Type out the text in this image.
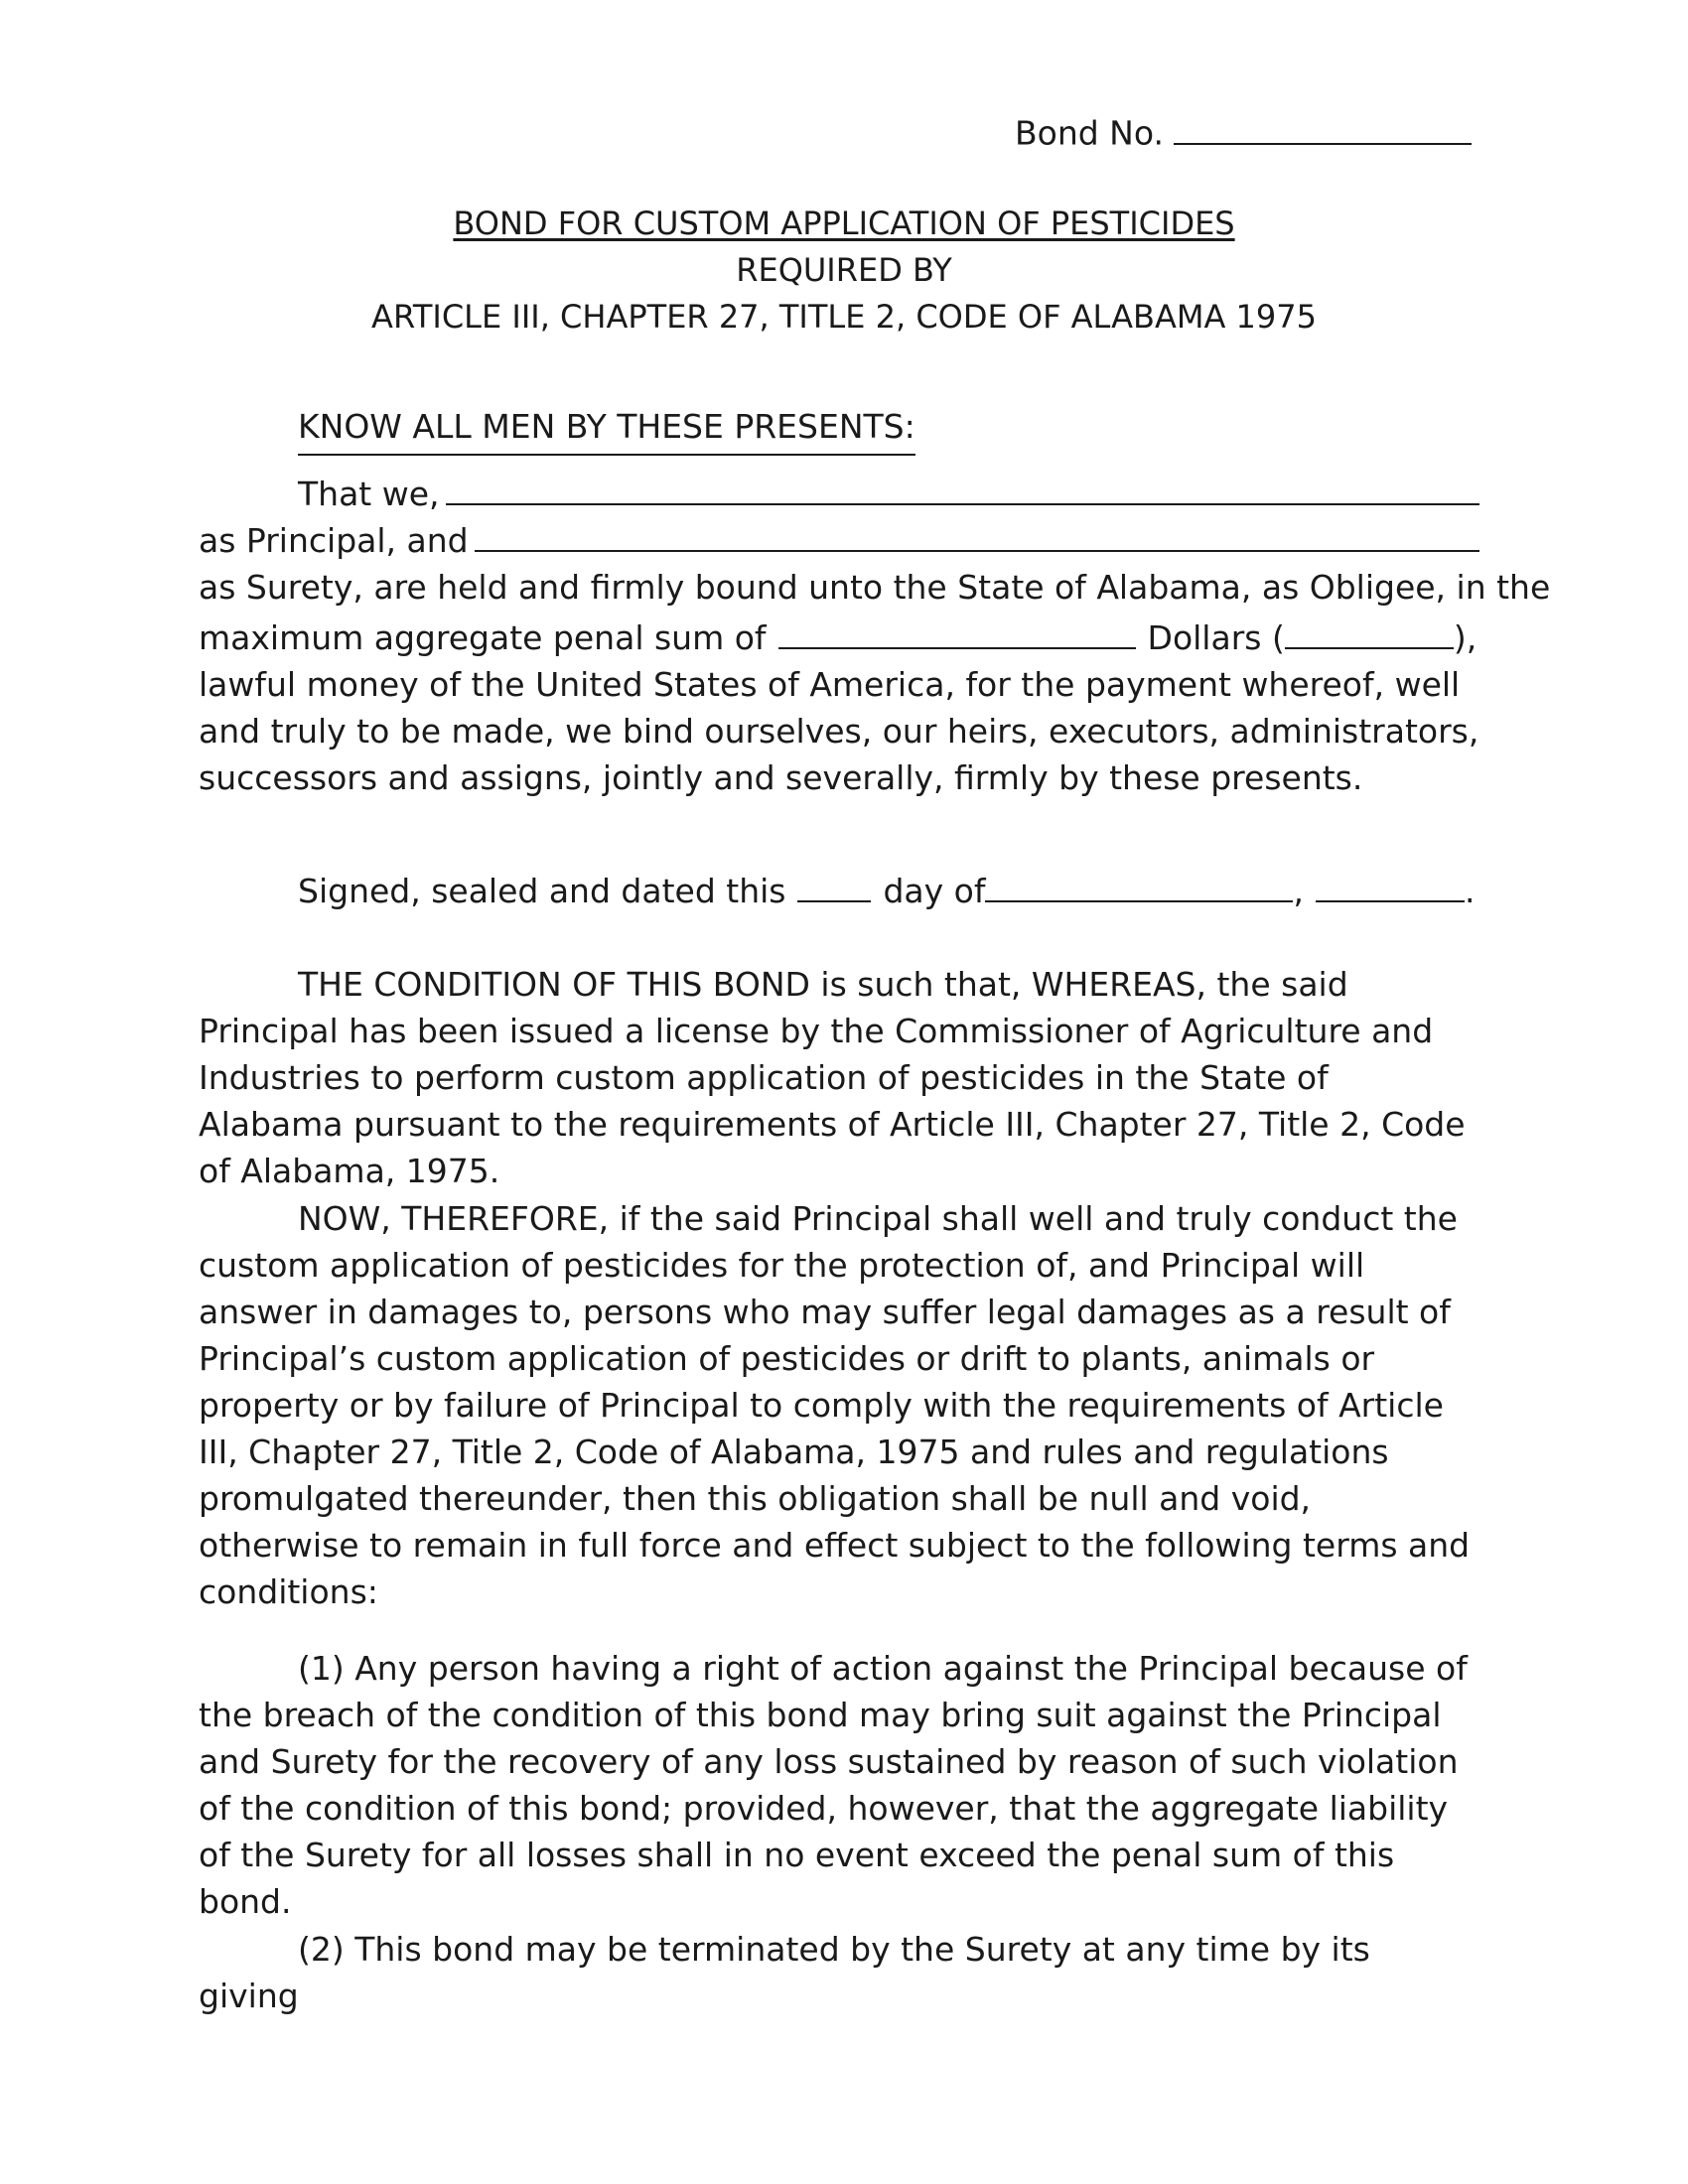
Bond No.
BOND FOR CUSTOM APPLICATION OF PESTICIDES
REQUIRED BY
ARTICLE III, CHAPTER 27, TITLE 2, CODE OF ALABAMA 1975
KNOW ALL MEN BY THESE PRESENTS:
That we,
as Principal, and
as Surety, are held and firmly bound unto the State of Alabama, as Obligee, in the
maximum aggregate penal sum of	Dollars (	),

lawful money of the United States of America, for the payment whereof, well and truly to be made, we bind ourselves, our heirs, executors, administrators, successors and assigns, jointly and severally, firmly by these presents.

Signed, sealed and dated this	day of	,	.

THE CONDITION OF THIS BOND is such that, WHEREAS, the said Principal has been issued a license by the Commissioner of Agriculture and Industries to perform custom application of pesticides in the State of Alabama pursuant to the requirements of Article III, Chapter 27, Title 2, Code of Alabama, 1975.

NOW, THEREFORE, if the said Principal shall well and truly conduct the custom application of pesticides for the protection of, and Principal will answer in damages to, persons who may suffer legal damages as a result of Principal’s custom application of pesticides or drift to plants, animals or property or by failure of Principal to comply with the requirements of Article III, Chapter 27, Title 2, Code of Alabama, 1975 and rules and regulations promulgated thereunder, then this obligation shall be null and void, otherwise to remain in full force and effect subject to the following terms and conditions:

(1) Any person having a right of action against the Principal because of the breach of the condition of this bond may bring suit against the Principal and Surety for the recovery of any loss sustained by reason of such violation of the condition of this bond; provided, however, that the aggregate liability of the Surety for all losses shall in no event exceed the penal sum of this bond.

(2) This bond may be terminated by the Surety at any time by its giving
